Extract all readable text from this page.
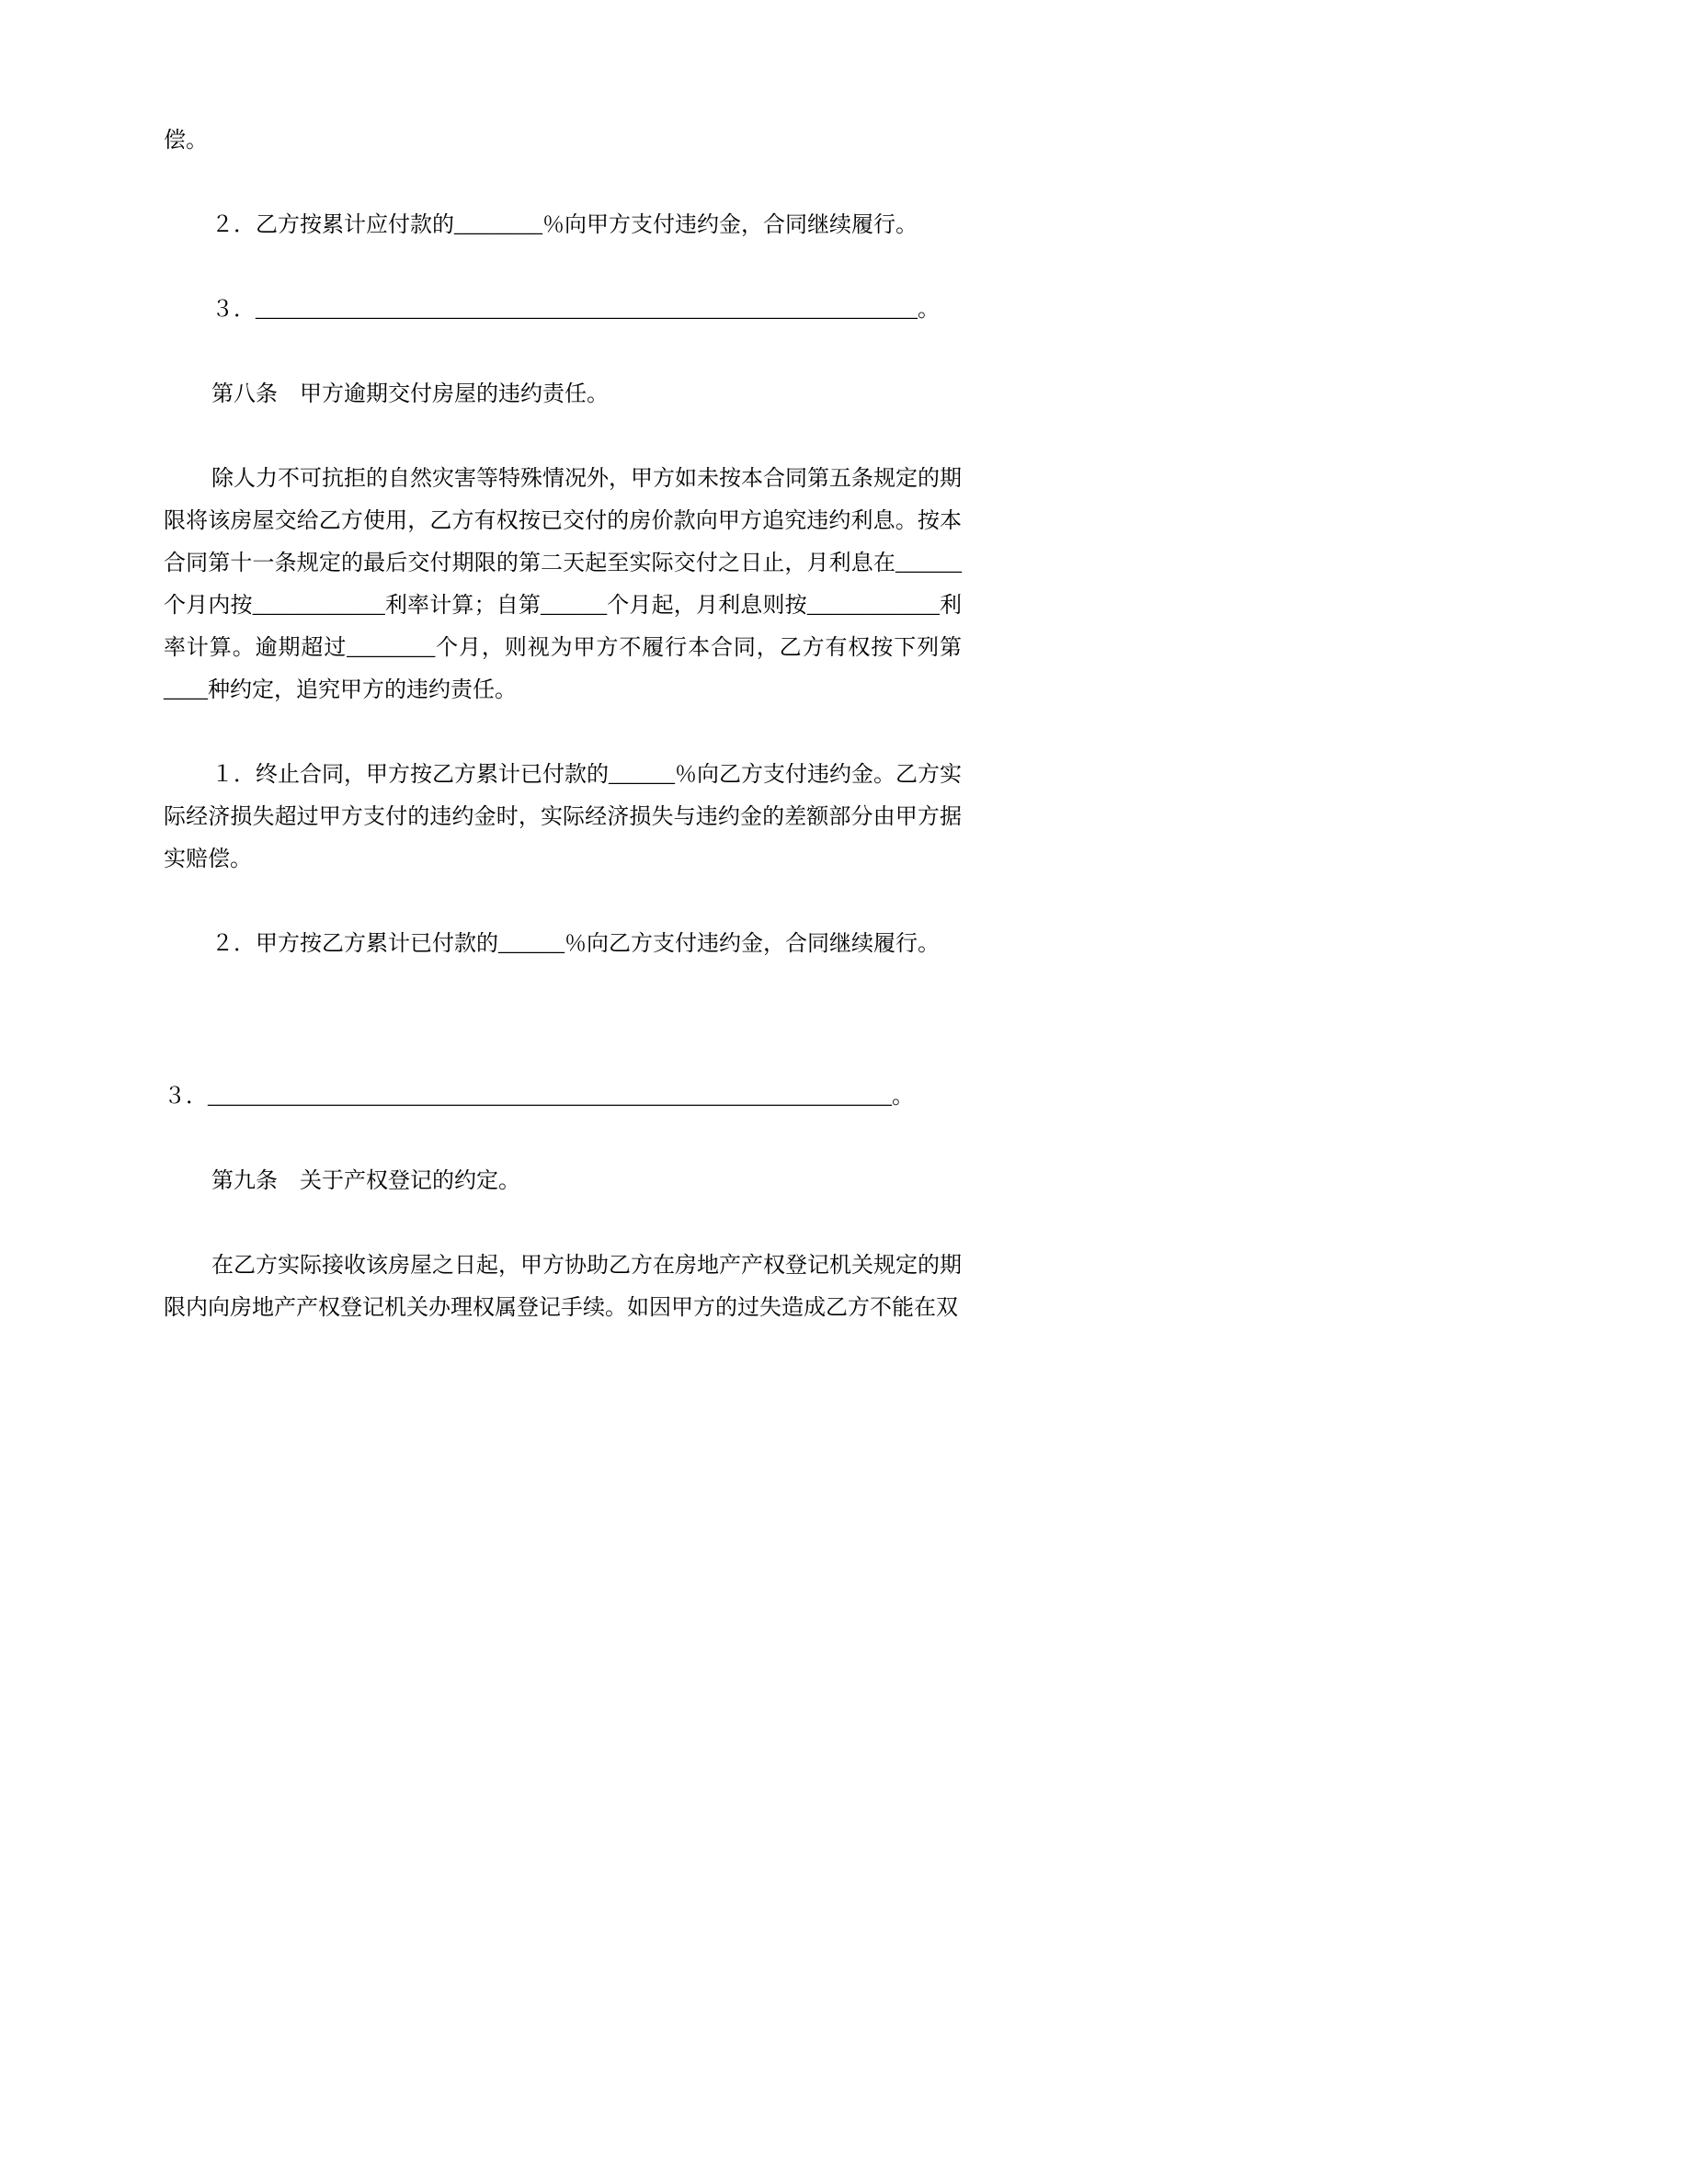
偿。

２．乙方按累计应付款的________％向甲方支付违约金，合同继续履行。

３．____________________________________________________________。

第八条　甲方逾期交付房屋的违约责任。

除人力不可抗拒的自然灾害等特殊情况外，甲方如未按本合同第五条规定的期限将该房屋交给乙方使用，乙方有权按已交付的房价款向甲方追究违约利息。按本合同第十一条规定的最后交付期限的第二天起至实际交付之日止，月利息在______个月内按____________利率计算；自第______个月起，月利息则按____________利率计算。逾期超过________个月，则视为甲方不履行本合同，乙方有权按下列第____种约定，追究甲方的违约责任。

１．终止合同，甲方按乙方累计已付款的______％向乙方支付违约金。乙方实际经济损失超过甲方支付的违约金时，实际经济损失与违约金的差额部分由甲方据实赔偿。

２．甲方按乙方累计已付款的______％向乙方支付违约金，合同继续履行。

３．______________________________________________________________。

第九条　关于产权登记的约定。

在乙方实际接收该房屋之日起，甲方协助乙方在房地产产权登记机关规定的期限内向房地产产权登记机关办理权属登记手续。如因甲方的过失造成乙方不能在双
